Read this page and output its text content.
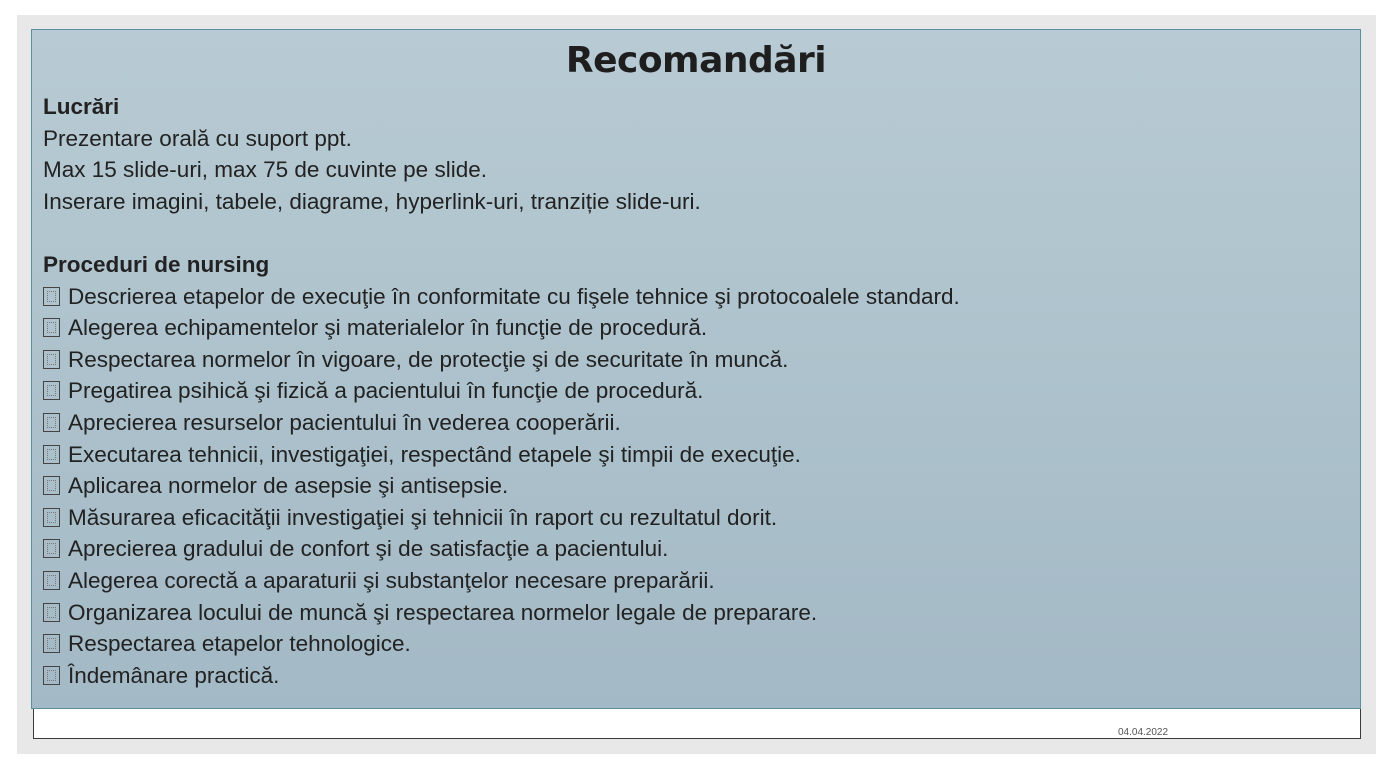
04.04.2022
Recomandări
Lucrări
Prezentare orală cu suport ppt.
Max 15 slide-uri, max 75 de cuvinte pe slide.
Inserare imagini, tabele, diagrame, hyperlink-uri, tranziție slide-uri.
Proceduri de nursing
Descrierea etapelor de execuţie în conformitate cu fişele tehnice şi protocoalele standard.
Alegerea echipamentelor şi materialelor în funcţie de procedură.
Respectarea normelor în vigoare, de protecţie şi de securitate în muncă.
Pregatirea psihică şi fizică a pacientului în funcţie de procedură.
Aprecierea resurselor pacientului în vederea cooperării.
Executarea tehnicii, investigaţiei, respectând etapele şi timpii de execuţie.
Aplicarea normelor de asepsie şi antisepsie.
Măsurarea eficacităţii investigaţiei şi tehnicii în raport cu rezultatul dorit.
Aprecierea gradului de confort şi de satisfacţie a pacientului.
Alegerea corectă a aparaturii şi substanţelor necesare preparării.
Organizarea locului de muncă şi respectarea normelor legale de preparare.
Respectarea etapelor tehnologice.
Îndemânare practică.
